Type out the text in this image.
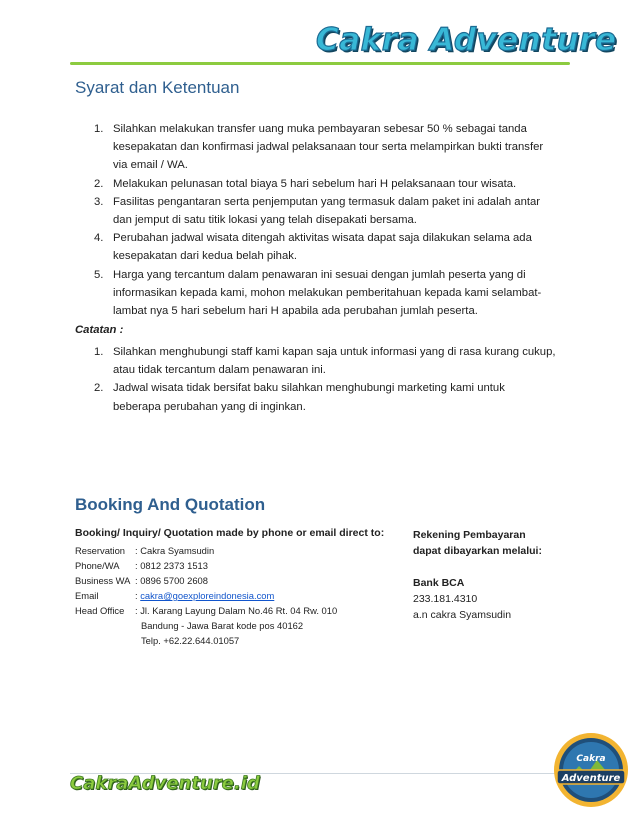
Cakra Adventure
Syarat dan Ketentuan
1. Silahkan melakukan transfer uang muka pembayaran sebesar 50 % sebagai tanda
kesepakatan dan konfirmasi jadwal pelaksanaan tour serta melampirkan bukti transfer
via email / WA.
2. Melakukan pelunasan total biaya 5 hari sebelum hari H pelaksanaan tour wisata.
3. Fasilitas pengantaran serta penjemputan yang termasuk dalam paket ini adalah antar
dan jemput di satu titik lokasi yang telah disepakati bersama.
4. Perubahan jadwal wisata ditengah aktivitas wisata dapat saja dilakukan selama ada
kesepakatan dari kedua belah pihak.
5. Harga yang tercantum dalam penawaran ini sesuai dengan jumlah peserta yang di
informasikan kepada kami, mohon melakukan pemberitahuan kepada kami selambat-
lambat nya 5 hari sebelum hari H apabila ada perubahan jumlah peserta.
Catatan :
1. Silahkan menghubungi staff kami kapan saja untuk informasi yang di rasa kurang cukup,
atau tidak tercantum dalam penawaran ini.
2. Jadwal wisata tidak bersifat baku silahkan menghubungi marketing kami untuk
beberapa perubahan yang di inginkan.
Booking And Quotation
Booking/ Inquiry/ Quotation made by phone or email direct to:
Reservation	: Cakra Syamsudin
Phone/WA	: 0812 2373 1513
Business WA : 0896 5700 2608
Email	: cakra@goexploreindonesia.com
Head Office	: Jl. Karang Layung Dalam No.46 Rt. 04 Rw. 010
Bandung - Jawa Barat kode pos 40162
Telp. +62.22.644.01057
Rekening Pembayaran
dapat dibayarkan melalui:
Bank BCA
233.181.4310
a.n cakra Syamsudin
CakraAdventure.id
Cakra
Adventure
